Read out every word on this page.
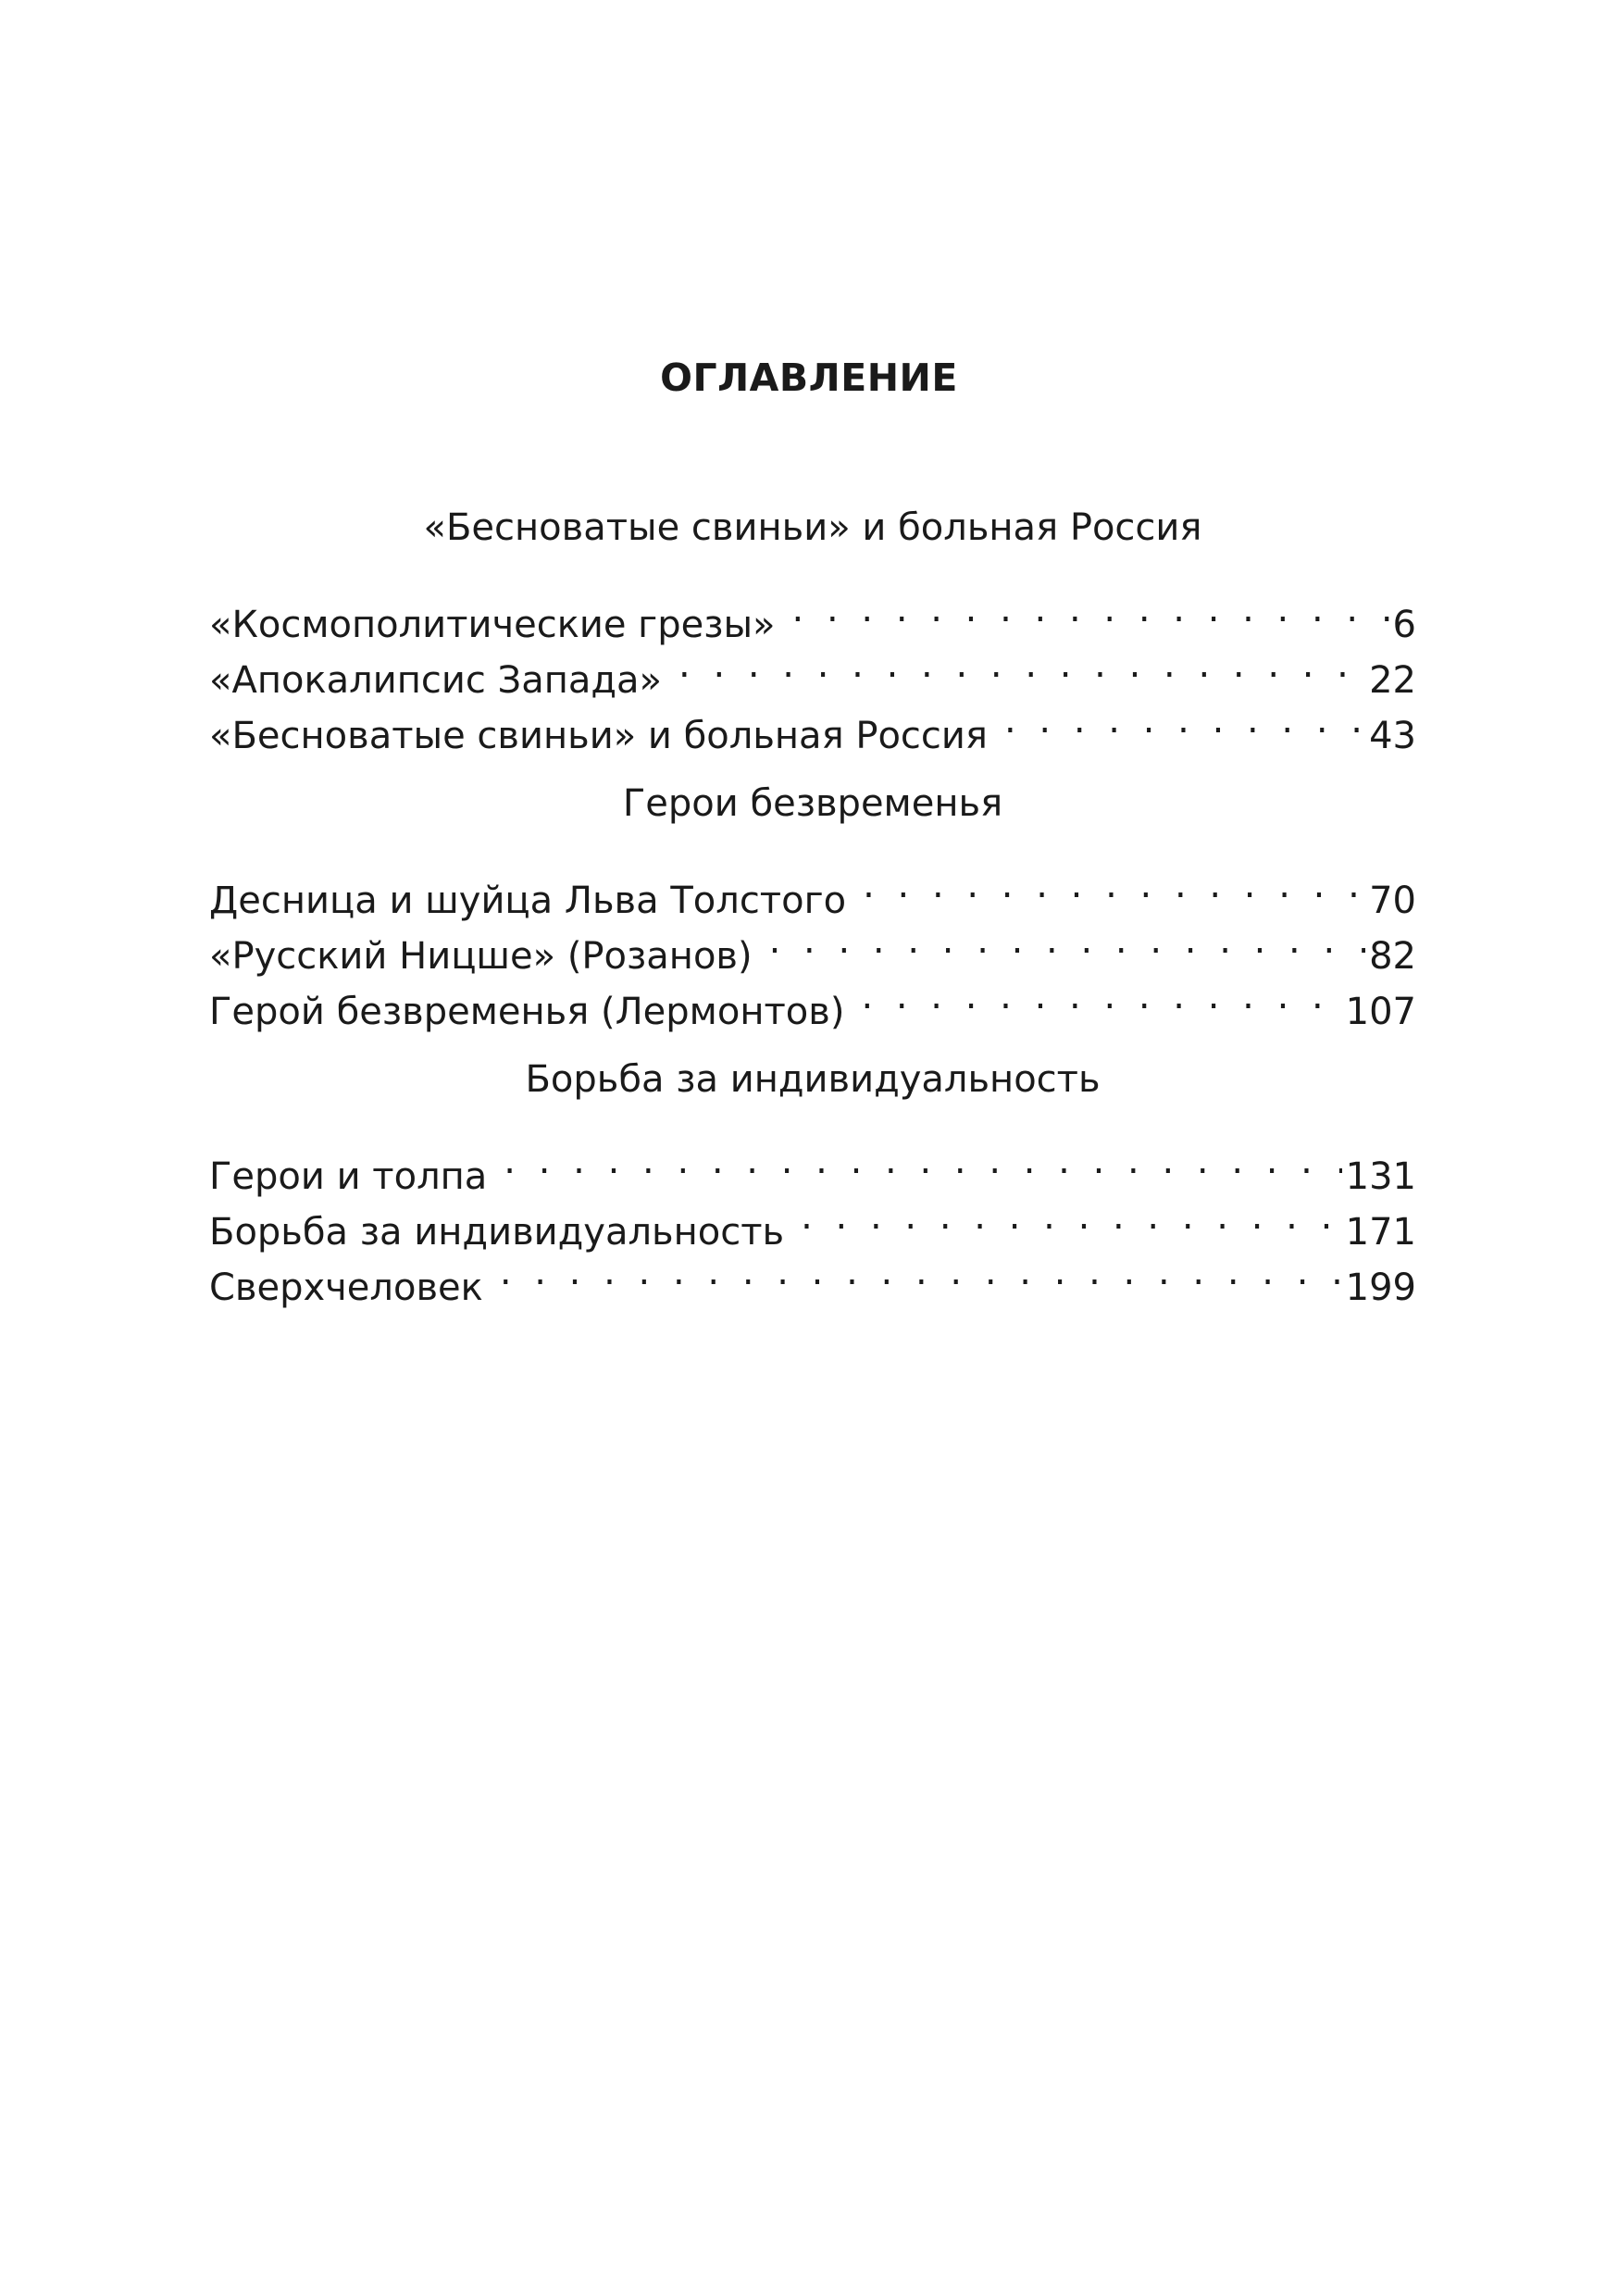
ОГЛАВЛЕНИЕ
«Бесноватые свиньи» и больная Россия
«Космополитические грезы» . . .	6
«Апокалипсис Запада» . . .	22
«Бесноватые свиньи» и больная Россия . . .	43
Герои безвременья
Десница и шуйца Льва Толстого . . .	70
«Русский Ницше» (Розанов) . . .	82
Герой безвременья (Лермонтов) . . .	107
Борьба за индивидуальность
Герои и толпа . . .	131
Борьба за индивидуальность . . .	171
Сверхчеловек . . .	199
